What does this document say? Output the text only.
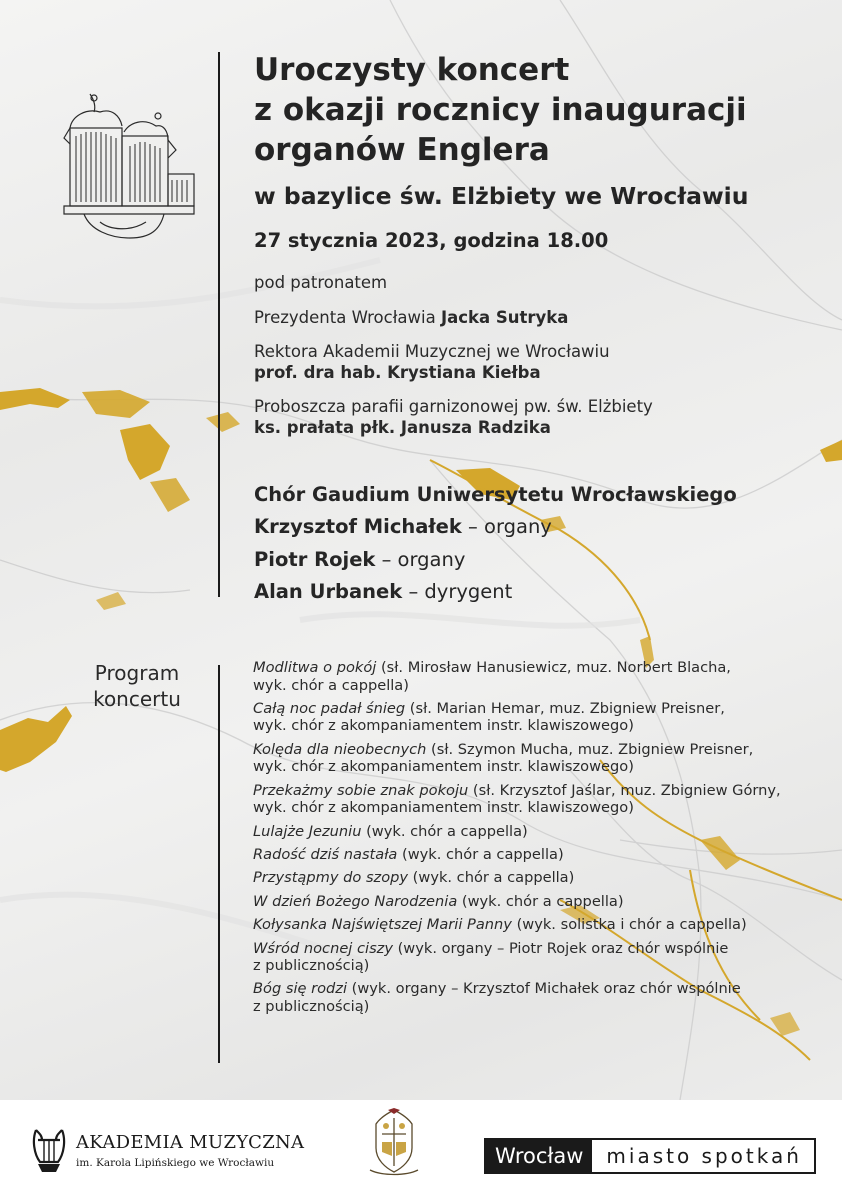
Uroczysty koncert
z okazji rocznicy inauguracji
organów Englera
w bazylice św. Elżbiety we Wrocławiu
27 stycznia 2023, godzina 18.00
pod patronatem
Prezydenta Wrocławia Jacka Sutryka
Rektora Akademii Muzycznej we Wrocławiu
prof. dra hab. Krystiana Kiełba
Proboszcza parafii garnizonowej pw. św. Elżbiety
ks. prałata płk. Janusza Radzika
Chór Gaudium Uniwersytetu Wrocławskiego
Krzysztof Michałek – organy
Piotr Rojek – organy
Alan Urbanek – dyrygent
Program
koncertu
Modlitwa o pokój (sł. Mirosław Hanusiewicz, muz. Norbert Blacha,
wyk. chór a cappella)
Całą noc padał śnieg (sł. Marian Hemar, muz. Zbigniew Preisner,
wyk. chór z akompaniamentem instr. klawiszowego)
Kolęda dla nieobecnych (sł. Szymon Mucha, muz. Zbigniew Preisner,
wyk. chór z akompaniamentem instr. klawiszowego)
Przekażmy sobie znak pokoju (sł. Krzysztof Jaślar, muz. Zbigniew Górny,
wyk. chór z akompaniamentem instr. klawiszowego)
Lulajże Jezuniu (wyk. chór a cappella)
Radość dziś nastała (wyk. chór a cappella)
Przystąpmy do szopy (wyk. chór a cappella)
W dzień Bożego Narodzenia (wyk. chór a cappella)
Kołysanka Najświętszej Marii Panny (wyk. solistka i chór a cappella)
Wśród nocnej ciszy (wyk. organy – Piotr Rojek oraz chór wspólnie
z publicznością)
Bóg się rodzi (wyk. organy – Krzysztof Michałek oraz chór wspólnie
z publicznością)
AKADEMIA MUZYCZNA
im. Karola Lipińskiego we Wrocławiu	Wrocław	miasto spotkań
